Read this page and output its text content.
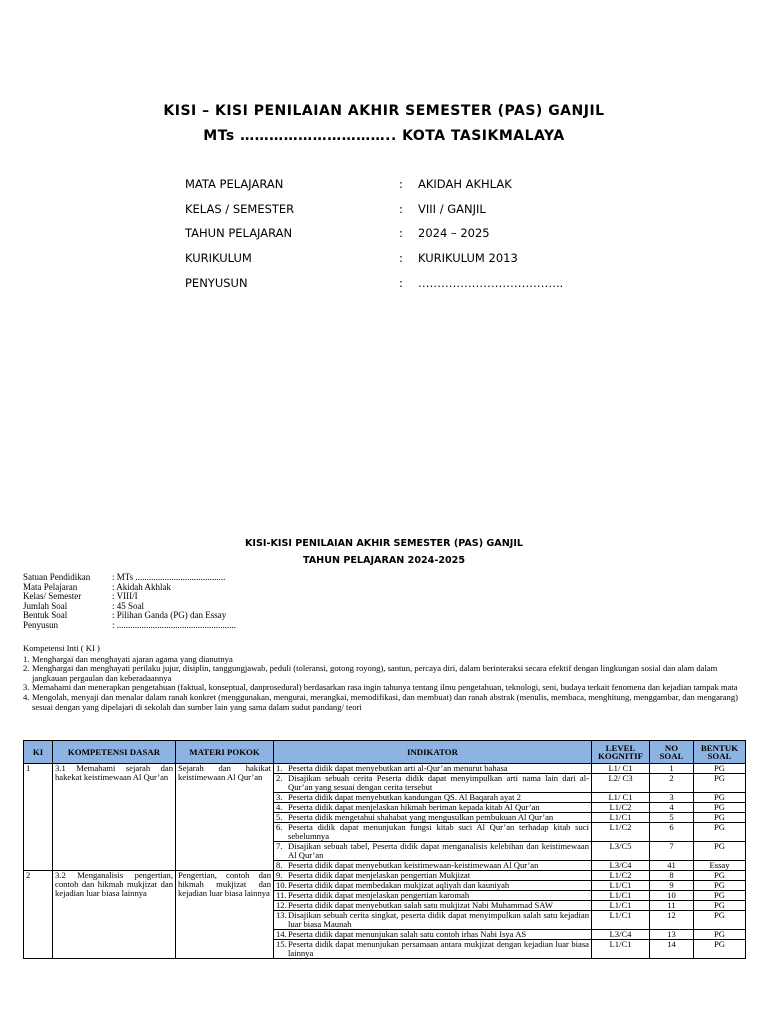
KISI – KISI PENILAIAN AKHIR SEMESTER (PAS) GANJIL
MTs ………………………….. KOTA TASIKMALAYA
MATA PELAJARAN	:	AKIDAH AKHLAK
KELAS / SEMESTER	:	VIII / GANJIL
TAHUN PELAJARAN	:	2024 – 2025
KURIKULUM	:	KURIKULUM 2013
PENYUSUN	:	………………………………..
KISI-KISI PENILAIAN AKHIR SEMESTER (PAS) GANJIL
TAHUN PELAJARAN 2024-2025
Satuan Pendidikan	: MTs ........................................
Mata Pelajaran	: Akidah Akhlak
Kelas/ Semester	: VIII/I
Jumlah Soal	: 45 Soal
Bentuk Soal	: Pilihan Ganda (PG) dan Essay
Penyusun	: .....................................................
Kompetensi Inti ( KI )
1. Menghargai dan menghayati ajaran agama yang dianutnya
2. Menghargai dan menghayati perilaku jujur, disiplin, tanggungjawab, peduli (toleransi, gotong royong), santun, percaya diri, dalam berinteraksi secara efektif dengan lingkungan sosial dan alam dalam jangkauan pergaulan dan keberadaannya
3. Memahami dan menerapkan pengetahuan (faktual, konseptual, danprosedural) berdasarkan rasa ingin tahunya tentang ilmu pengetahuan, teknologi, seni, budaya terkait fenomena dan kejadian tampak mata
4. Mengolah, menyaji dan menalar dalam ranah konkret (menggunakan, mengurai, merangkai, memodifikasi, dan membuat) dan ranah abstrak (menulis, membaca, menghitung, menggambar, dan mengarang) sesuai dengan yang dipelajari di sekolah dan sumber lain yang sama dalam sudut pandang/ teori
KI	KOMPETENSI DASAR	MATERI POKOK	INDIKATOR	LEVEL KOGNITIF	NO SOAL	BENTUK SOAL
1	3.1 Memahami sejarah dan hakekat keistimewaan Al Qur’an	Sejarah dan hakikat keistimewaan Al Qur’an	1. Peserta didik dapat menyebutkan arti al-Qur’an menurut bahasa	L1/ C1	1	PG

			2. Disajikan sebuah cerita Peserta didik dapat menyimpulkan arti nama lain dari al-Qur’an yang sesuai dengan cerita tersebut	L2/ C3	2	PG

			3. Peserta didik dapat menyebutkan kandungan QS. Al Baqarah ayat 2	L1/ C1	3	PG

			4. Peserta didik dapat menjelaskan hikmah beriman kepada kitab Al Qur’an	L1/C2	4	PG

			5. Peserta didik mengetahui shahabat yang mengusulkan pembukuan Al Qur’an	L1/C1	5	PG

			6. Peserta didik dapat menunjukan fungsi kitab suci Al Qur’an terhadap kitab suci sebelumnya	L1/C2	6	PG

			7. Disajikan sebuah tabel, Peserta didik dapat menganalisis kelebihan dan keistimewaan Al Qur’an	L3/C5	7	PG

			8. Peserta didik dapat menyebutkan keistimewaan-keistimewaan Al Qur’an	L3/C4	41	Essay
2	3.2 Menganalisis pengertian, contoh dan hikmah mukjizat dan kejadian luar biasa lainnya	Pengertian, contoh dan hikmah mukjizat dan kejadian luar biasa lainnya	9. Peserta didik dapat menjelaskan pengertian Mukjizat	L1/C2	8	PG

			10. Peserta didik dapat membedakan mukjizat aqliyah dan kauniyah	L1/C1	9	PG

			11. Peserta didik dapat menjelaskan pengertian karomah	L1/C1	10	PG

			12. Peserta didik dapat menyebutkan salah satu mukjizat Nabi Muhammad SAW	L1/C1	11	PG

			13. Disajikan sebuah cerita singkat, peserta didik dapat menyimpulkan salah satu kejadian luar biasa Maunah	L1/C1	12	PG

			14. Peserta didik dapat menunjukan salah satu contoh irhas Nabi Isya AS	L3/C4	13	PG

			15. Peserta didik dapat menunjukan persamaan antara mukjizat dengan kejadian luar biasa lainnya	L1/C1	14	PG
